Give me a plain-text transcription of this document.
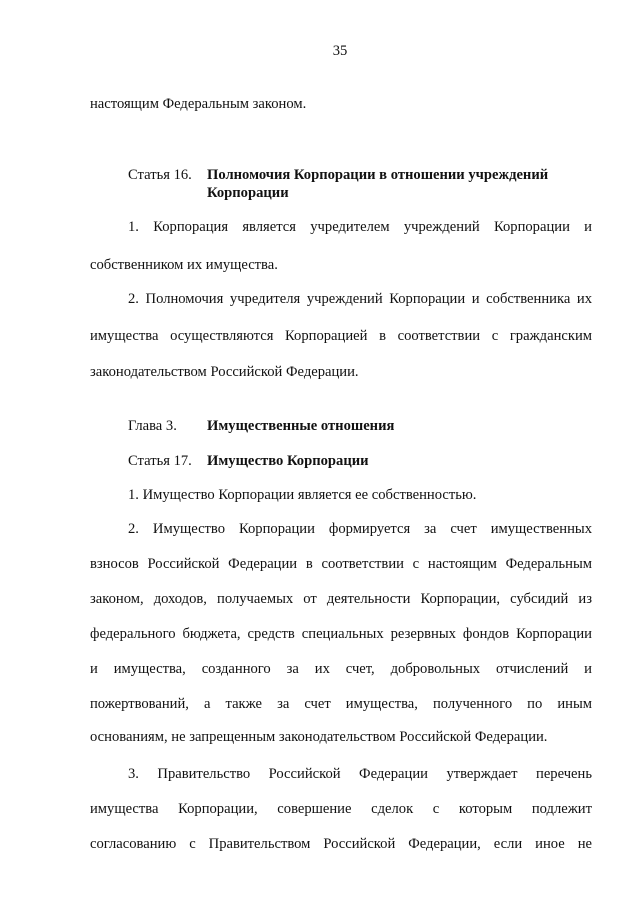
35
настоящим Федеральным законом.
Статья 16. Полномочия Корпорации в отношении учреждений
Корпорации
1. Корпорация является учредителем учреждений Корпорации и
собственником их имущества.
2. Полномочия учредителя учреждений Корпорации и собственника их
имущества осуществляются Корпорацией в соответствии с гражданским
законодательством Российской Федерации.
Глава 3. Имущественные отношения
Статья 17. Имущество Корпорации
1. Имущество Корпорации является ее собственностью.
2. Имущество Корпорации формируется за счет имущественных
взносов Российской Федерации в соответствии с настоящим Федеральным
законом, доходов, получаемых от деятельности Корпорации, субсидий из
федерального бюджета, средств специальных резервных фондов Корпорации
и имущества, созданного за их счет, добровольных отчислений и
пожертвований, а также за счет имущества, полученного по иным
основаниям, не запрещенным законодательством Российской Федерации.
3. Правительство Российской Федерации утверждает перечень
имущества Корпорации, совершение сделок с которым подлежит
согласованию с Правительством Российской Федерации, если иное не
